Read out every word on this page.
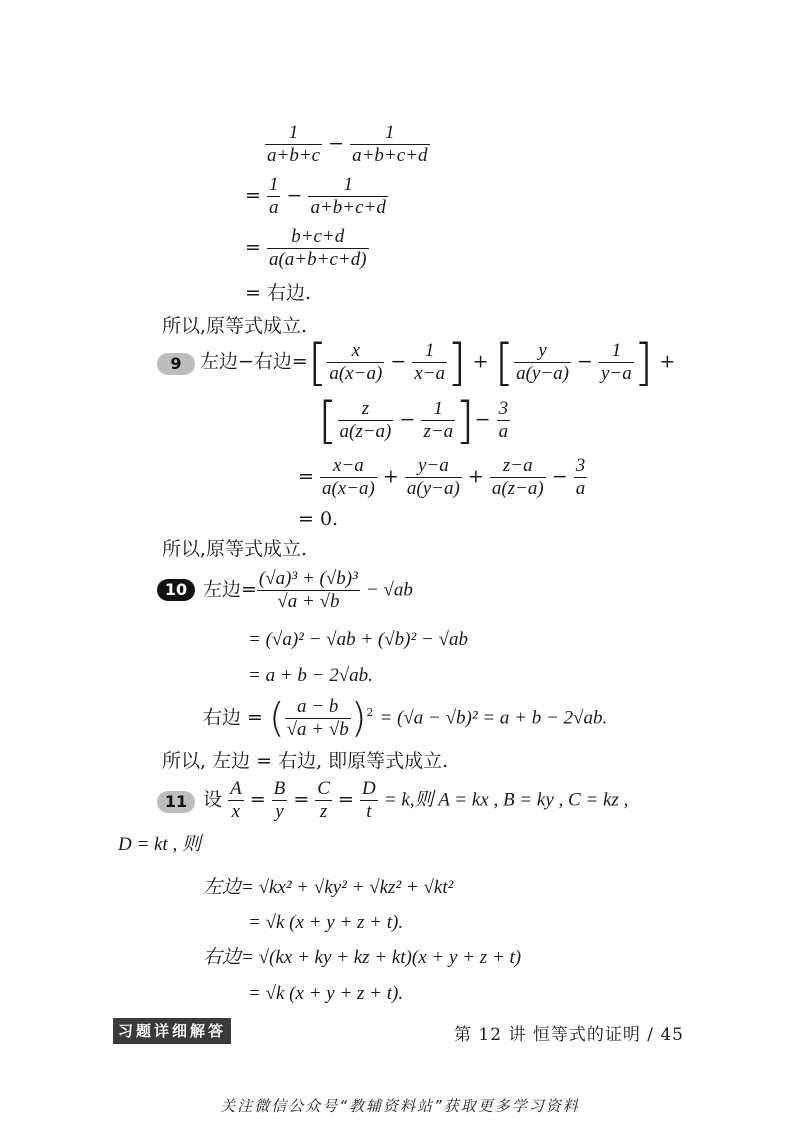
$\frac{1}{a+b+c} - \frac{1}{a+b+c+d}$
= $\frac{1}{a} - \frac{1}{a+b+c+d}$
= $\frac{b+c+d}{a(a+b+c+d)}$
= 右边.
所以,原等式成立.
9 左边−右边=[ $\frac{x}{a(x-a)} - \frac{1}{x-a}$ ] + [ $\frac{y}{a(y-a)} - \frac{1}{y-a}$ ] +
[ $\frac{z}{a(z-a)} - \frac{1}{z-a}$ ]− $\frac{3}{a}$
= $\frac{x-a}{a(x-a)} + \frac{y-a}{a(y-a)} + \frac{z-a}{a(z-a)} - \frac{3}{a}$
= 0.
所以,原等式成立.
10 左边= $\frac{\text{(√a)³ + (√b)³}}{√a + √b} - √ab$
= (√a)² − √ab + (√b)² − √ab
= a + b − 2√ab.
右边 = ( $\frac{a - b}{√a + √b} )^2 = (√a - √b)^2 = a + b - 2√ab$.
所以, 左边 = 右边, 即原等式成立.
11 设 $\frac{A}{x} = \frac{B}{y} = \frac{C}{z} = \frac{D}{t} = k$,则 A = kx , B = ky , C = kz ,
D = kt , 则
左边= √kx² + √ky² + √kz² + √kt²
= √k (x + y + z + t).
右边= √(kx + ky + kz + kt)(x + y + z + t)
= √k (x + y + z + t).
习题详细解答	第 12 讲 恒等式的证明 / 45
关注微信公众号“教辅资料站”获取更多学习资料
